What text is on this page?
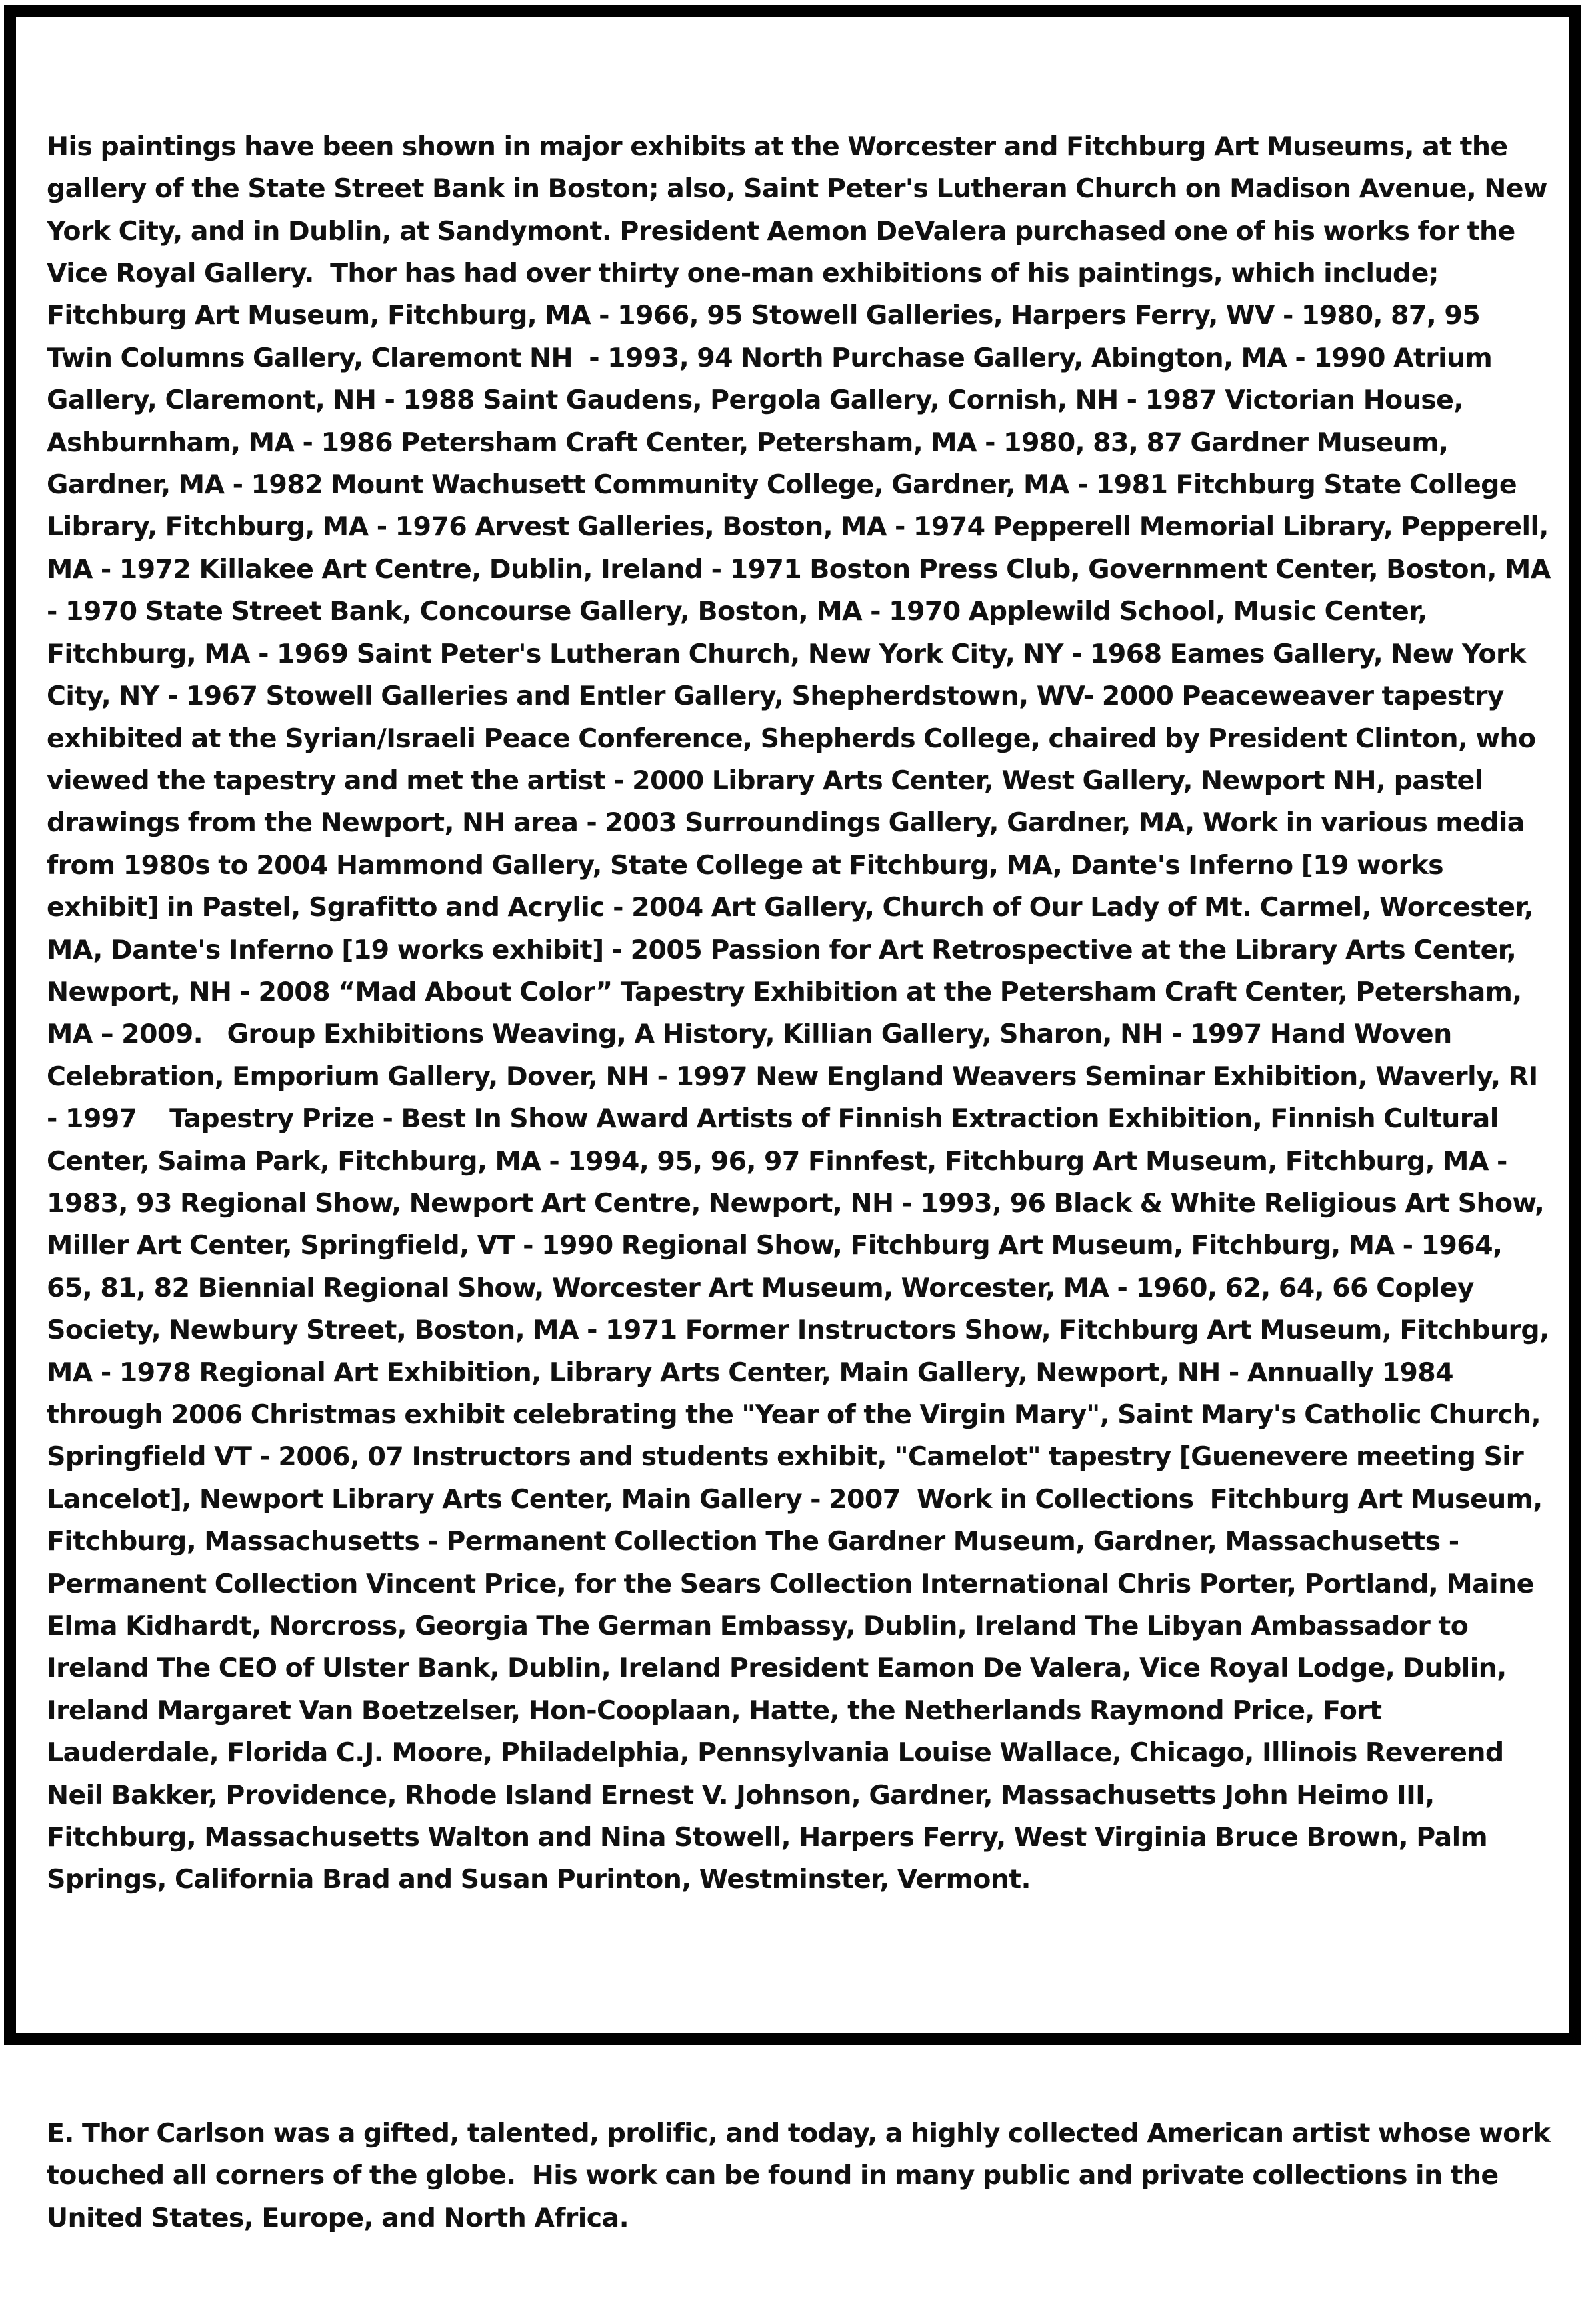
His paintings have been shown in major exhibits at the Worcester and Fitchburg Art Museums, at the gallery of the State Street Bank in Boston; also, Saint Peter's Lutheran Church on Madison Avenue, New York City, and in Dublin, at Sandymont. President Aemon DeValera purchased one of his works for the Vice Royal Gallery.  Thor has had over thirty one-man exhibitions of his paintings, which include; Fitchburg Art Museum, Fitchburg, MA - 1966, 95 Stowell Galleries, Harpers Ferry, WV - 1980, 87, 95 Twin Columns Gallery, Claremont NH  - 1993, 94 North Purchase Gallery, Abington, MA - 1990 Atrium Gallery, Claremont, NH - 1988 Saint Gaudens, Pergola Gallery, Cornish, NH - 1987 Victorian House, Ashburnham, MA - 1986 Petersham Craft Center, Petersham, MA - 1980, 83, 87 Gardner Museum, Gardner, MA - 1982 Mount Wachusett Community College, Gardner, MA - 1981 Fitchburg State College Library, Fitchburg, MA - 1976 Arvest Galleries, Boston, MA - 1974 Pepperell Memorial Library, Pepperell, MA - 1972 Killakee Art Centre, Dublin, Ireland - 1971 Boston Press Club, Government Center, Boston, MA - 1970 State Street Bank, Concourse Gallery, Boston, MA - 1970 Applewild School, Music Center, Fitchburg, MA - 1969 Saint Peter's Lutheran Church, New York City, NY - 1968 Eames Gallery, New York City, NY - 1967 Stowell Galleries and Entler Gallery, Shepherdstown, WV- 2000 Peaceweaver tapestry exhibited at the Syrian/Israeli Peace Conference, Shepherds College, chaired by President Clinton, who viewed the tapestry and met the artist - 2000 Library Arts Center, West Gallery, Newport NH, pastel drawings from the Newport, NH area - 2003 Surroundings Gallery, Gardner, MA, Work in various media from 1980s to 2004 Hammond Gallery, State College at Fitchburg, MA, Dante's Inferno [19 works exhibit] in Pastel, Sgrafitto and Acrylic - 2004 Art Gallery, Church of Our Lady of Mt. Carmel, Worcester, MA, Dante's Inferno [19 works exhibit] - 2005 Passion for Art Retrospective at the Library Arts Center, Newport, NH - 2008 “Mad About Color” Tapestry Exhibition at the Petersham Craft Center, Petersham, MA – 2009.   Group Exhibitions Weaving, A History, Killian Gallery, Sharon, NH - 1997 Hand Woven Celebration, Emporium Gallery, Dover, NH - 1997 New England Weavers Seminar Exhibition, Waverly, RI - 1997    Tapestry Prize - Best In Show Award Artists of Finnish Extraction Exhibition, Finnish Cultural Center, Saima Park, Fitchburg, MA - 1994, 95, 96, 97 Finnfest, Fitchburg Art Museum, Fitchburg, MA - 1983, 93 Regional Show, Newport Art Centre, Newport, NH - 1993, 96 Black & White Religious Art Show, Miller Art Center, Springfield, VT - 1990 Regional Show, Fitchburg Art Museum, Fitchburg, MA - 1964, 65, 81, 82 Biennial Regional Show, Worcester Art Museum, Worcester, MA - 1960, 62, 64, 66 Copley Society, Newbury Street, Boston, MA - 1971 Former Instructors Show, Fitchburg Art Museum, Fitchburg, MA - 1978 Regional Art Exhibition, Library Arts Center, Main Gallery, Newport, NH - Annually 1984 through 2006 Christmas exhibit celebrating the "Year of the Virgin Mary", Saint Mary's Catholic Church, Springfield VT - 2006, 07 Instructors and students exhibit, "Camelot" tapestry [Guenevere meeting Sir Lancelot], Newport Library Arts Center, Main Gallery - 2007  Work in Collections  Fitchburg Art Museum, Fitchburg, Massachusetts - Permanent Collection The Gardner Museum, Gardner, Massachusetts - Permanent Collection Vincent Price, for the Sears Collection International Chris Porter, Portland, Maine Elma Kidhardt, Norcross, Georgia The German Embassy, Dublin, Ireland The Libyan Ambassador to Ireland The CEO of Ulster Bank, Dublin, Ireland President Eamon De Valera, Vice Royal Lodge, Dublin, Ireland Margaret Van Boetzelser, Hon-Cooplaan, Hatte, the Netherlands Raymond Price, Fort Lauderdale, Florida C.J. Moore, Philadelphia, Pennsylvania Louise Wallace, Chicago, Illinois Reverend Neil Bakker, Providence, Rhode Island Ernest V. Johnson, Gardner, Massachusetts John Heimo III, Fitchburg, Massachusetts Walton and Nina Stowell, Harpers Ferry, West Virginia Bruce Brown, Palm Springs, California Brad and Susan Purinton, Westminster, Vermont.

E. Thor Carlson was a gifted, talented, prolific, and today, a highly collected American artist whose work touched all corners of the globe.  His work can be found in many public and private collections in the United States, Europe, and North Africa.
